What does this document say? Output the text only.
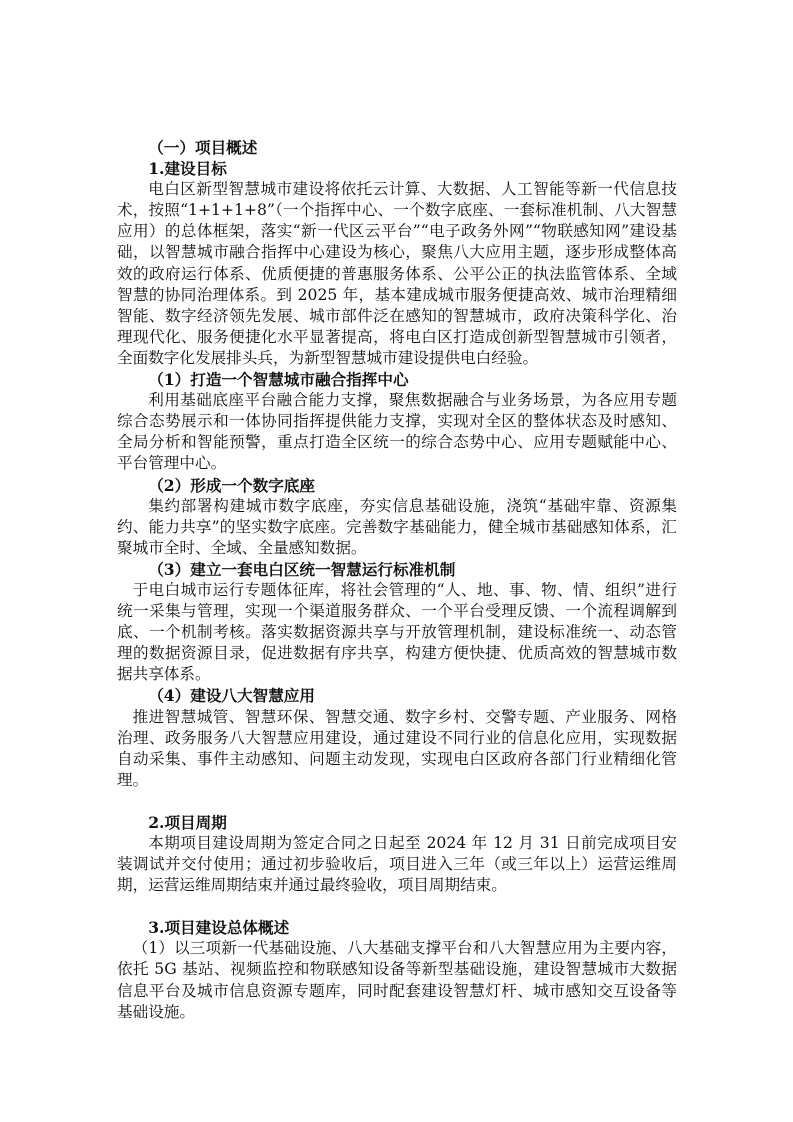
（一）项目概述

1.建设目标

电白区新型智慧城市建设将依托云计算、大数据、人工智能等新一代信息技术，按照“1+1+1+8”（一个指挥中心、一个数字底座、一套标准机制、八大智慧应用）的总体框架，落实“新一代区云平台”“电子政务外网”“物联感知网”建设基础，以智慧城市融合指挥中心建设为核心，聚焦八大应用主题，逐步形成整体高效的政府运行体系、优质便捷的普惠服务体系、公平公正的执法监管体系、全域智慧的协同治理体系。到 2025 年，基本建成城市服务便捷高效、城市治理精细智能、数字经济领先发展、城市部件泛在感知的智慧城市，政府决策科学化、治理现代化、服务便捷化水平显著提高，将电白区打造成创新型智慧城市引领者，全面数字化发展排头兵，为新型智慧城市建设提供电白经验。

（1）打造一个智慧城市融合指挥中心

利用基础底座平台融合能力支撑，聚焦数据融合与业务场景，为各应用专题综合态势展示和一体协同指挥提供能力支撑，实现对全区的整体状态及时感知、全局分析和智能预警，重点打造全区统一的综合态势中心、应用专题赋能中心、平台管理中心。

（2）形成一个数字底座

集约部署构建城市数字底座，夯实信息基础设施，浇筑“基础牢靠、资源集约、能力共享”的坚实数字底座。完善数字基础能力，健全城市基础感知体系，汇聚城市全时、全域、全量感知数据。

（3）建立一套电白区统一智慧运行标准机制

于电白城市运行专题体征库，将社会管理的“人、地、事、物、情、组织”进行统一采集与管理，实现一个渠道服务群众、一个平台受理反馈、一个流程调解到底、一个机制考核。落实数据资源共享与开放管理机制，建设标准统一、动态管理的数据资源目录，促进数据有序共享，构建方便快捷、优质高效的智慧城市数据共享体系。

（4）建设八大智慧应用

推进智慧城管、智慧环保、智慧交通、数字乡村、交警专题、产业服务、网格治理、政务服务八大智慧应用建设，通过建设不同行业的信息化应用，实现数据自动采集、事件主动感知、问题主动发现，实现电白区政府各部门行业精细化管理。

2.项目周期

本期项目建设周期为签定合同之日起至 2024 年 12 月 31 日前完成项目安装调试并交付使用；通过初步验收后，项目进入三年（或三年以上）运营运维周期，运营运维周期结束并通过最终验收，项目周期结束。

3.项目建设总体概述

（1）以三项新一代基础设施、八大基础支撑平台和八大智慧应用为主要内容，依托 5G 基站、视频监控和物联感知设备等新型基础设施，建设智慧城市大数据信息平台及城市信息资源专题库，同时配套建设智慧灯杆、城市感知交互设备等基础设施。
